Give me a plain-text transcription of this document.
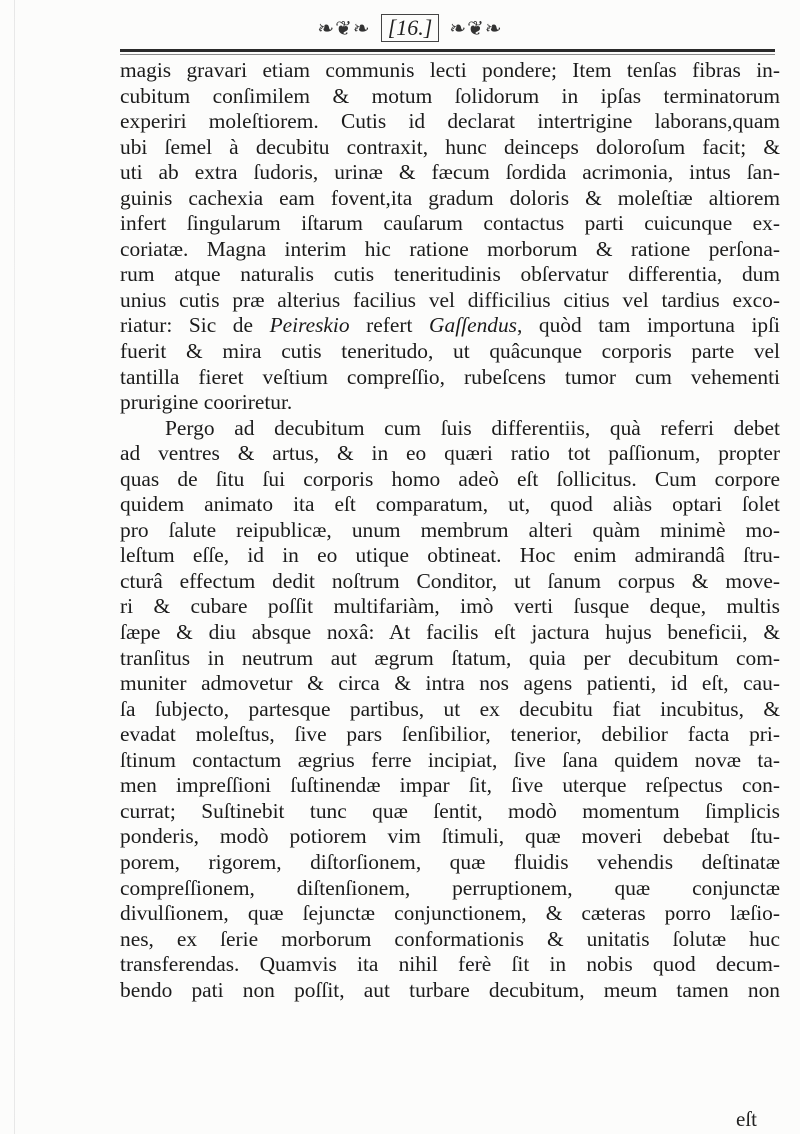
❧❦❧ [16.] ❧❦❧
magis gravari etiam communis lecti pondere; Item tenſas fibras in-
cubitum conſimilem & motum ſolidorum in ipſas terminatorum
experiri moleſtiorem. Cutis id declarat intertrigine laborans,quam
ubi ſemel à decubitu contraxit, hunc deinceps doloroſum facit; &
uti ab extra ſudoris, urinæ & fæcum ſordida acrimonia, intus ſan-
guinis cachexia eam fovent,ita gradum doloris & moleſtiæ altiorem
infert ſingularum iſtarum cauſarum contactus parti cuicunque ex-
coriatæ. Magna interim hic ratione morborum & ratione perſona-
rum atque naturalis cutis teneritudinis obſervatur differentia, dum
unius cutis præ alterius facilius vel difficilius citius vel tardius exco-
riatur: Sic de Peireskio refert Gaſſendus, quòd tam importuna ipſi
fuerit & mira cutis teneritudo, ut quâcunque corporis parte vel
tantilla fieret veſtium compreſſio, rubeſcens tumor cum vehementi
prurigine cooriretur.
Pergo ad decubitum cum ſuis differentiis, quà referri debet
ad ventres & artus, & in eo quæri ratio tot paſſionum, propter
quas de ſitu ſui corporis homo adeò eſt ſollicitus. Cum corpore
quidem animato ita eſt comparatum, ut, quod aliàs optari ſolet
pro ſalute reipublicæ, unum membrum alteri quàm minimè mo-
leſtum eſſe, id in eo utique obtineat. Hoc enim admirandâ ſtru-
cturâ effectum dedit noſtrum Conditor, ut ſanum corpus & move-
ri & cubare poſſit multifariàm, imò verti ſusque deque, multis
ſæpe & diu absque noxâ: At facilis eſt jactura hujus beneficii, &
tranſitus in neutrum aut ægrum ſtatum, quia per decubitum com-
muniter admovetur & circa & intra nos agens patienti, id eſt, cau-
ſa ſubjecto, partesque partibus, ut ex decubitu fiat incubitus, &
evadat moleſtus, ſive pars ſenſibilior, tenerior, debilior facta pri-
ſtinum contactum ægrius ferre incipiat, ſive ſana quidem novæ ta-
men impreſſioni ſuſtinendæ impar ſit, ſive uterque reſpectus con-
currat; Suſtinebit tunc quæ ſentit, modò momentum ſimplicis
ponderis, modò potiorem vim ſtimuli, quæ moveri debebat ſtu-
porem, rigorem, diſtorſionem, quæ fluidis vehendis deſtinatæ
compreſſionem, diſtenſionem, perruptionem, quæ conjunctæ
divulſionem, quæ ſejunctæ conjunctionem, & cæteras porro læſio-
nes, ex ſerie morborum conformationis & unitatis ſolutæ huc
transferendas. Quamvis ita nihil ferè ſit in nobis quod decum-
bendo pati non poſſit, aut turbare decubitum, meum tamen non
eſt
